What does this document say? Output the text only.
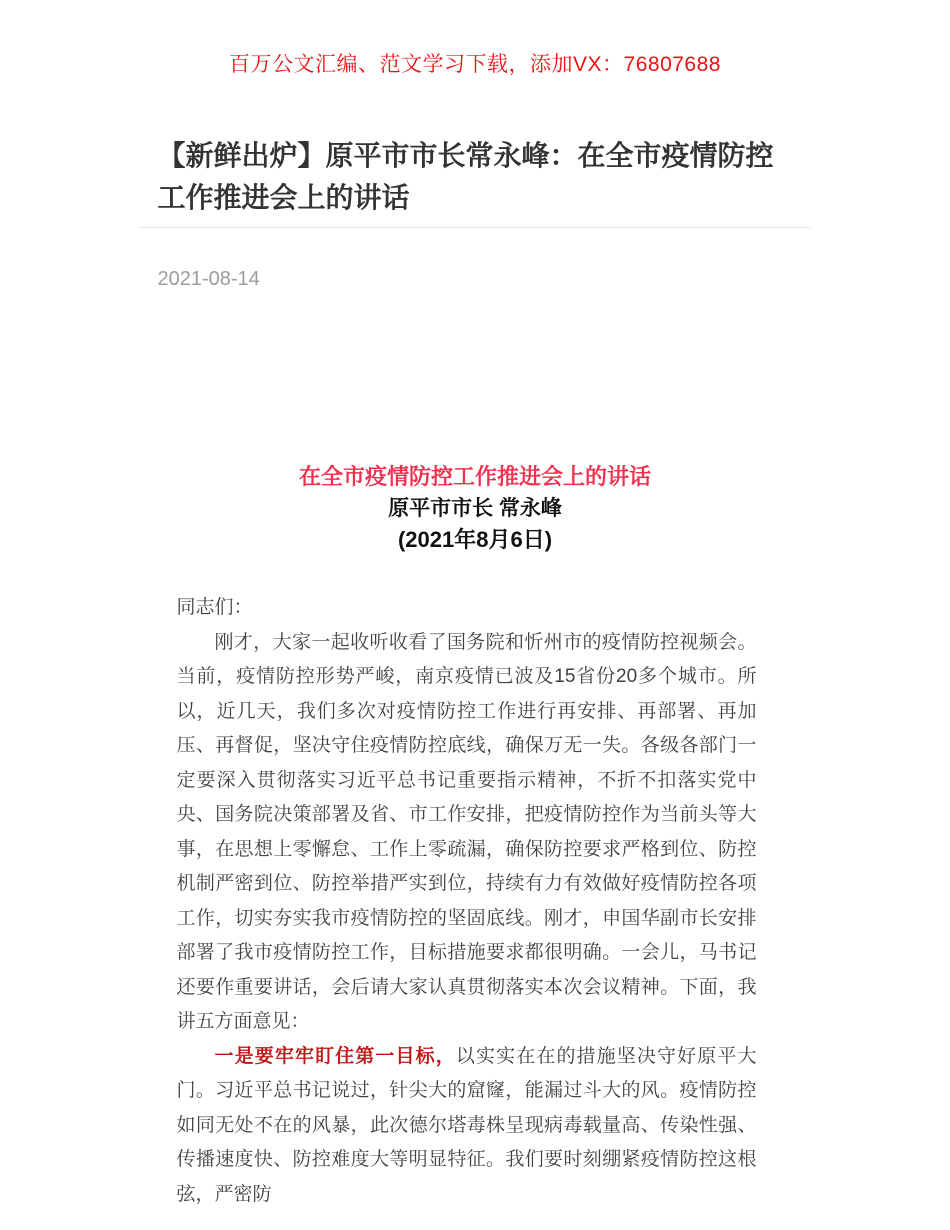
百万公文汇编、范文学习下载，添加VX：76807688
【新鲜出炉】原平市市长常永峰：在全市疫情防控工作推进会上的讲话
2021-08-14
在全市疫情防控工作推进会上的讲话
原平市市长 常永峰
(2021年8月6日)

同志们：

刚才，大家一起收听收看了国务院和忻州市的疫情防控视频会。当前，疫情防控形势严峻，南京疫情已波及15省份20多个城市。所以，近几天，我们多次对疫情防控工作进行再安排、再部署、再加压、再督促，坚决守住疫情防控底线，确保万无一失。各级各部门一定要深入贯彻落实习近平总书记重要指示精神，不折不扣落实党中央、国务院决策部署及省、市工作安排，把疫情防控作为当前头等大事，在思想上零懈怠、工作上零疏漏，确保防控要求严格到位、防控机制严密到位、防控举措严实到位，持续有力有效做好疫情防控各项工作，切实夯实我市疫情防控的坚固底线。刚才，申国华副市长安排部署了我市疫情防控工作，目标措施要求都很明确。一会儿，马书记还要作重要讲话，会后请大家认真贯彻落实本次会议精神。下面，我讲五方面意见：

一是要牢牢盯住第一目标，以实实在在的措施坚决守好原平大门。习近平总书记说过，针尖大的窟窿，能漏过斗大的风。疫情防控如同无处不在的风暴，此次德尔塔毒株呈现病毒载量高、传染性强、传播速度快、防控难度大等明显特征。我们要时刻绷紧疫情防控这根弦，严密防
